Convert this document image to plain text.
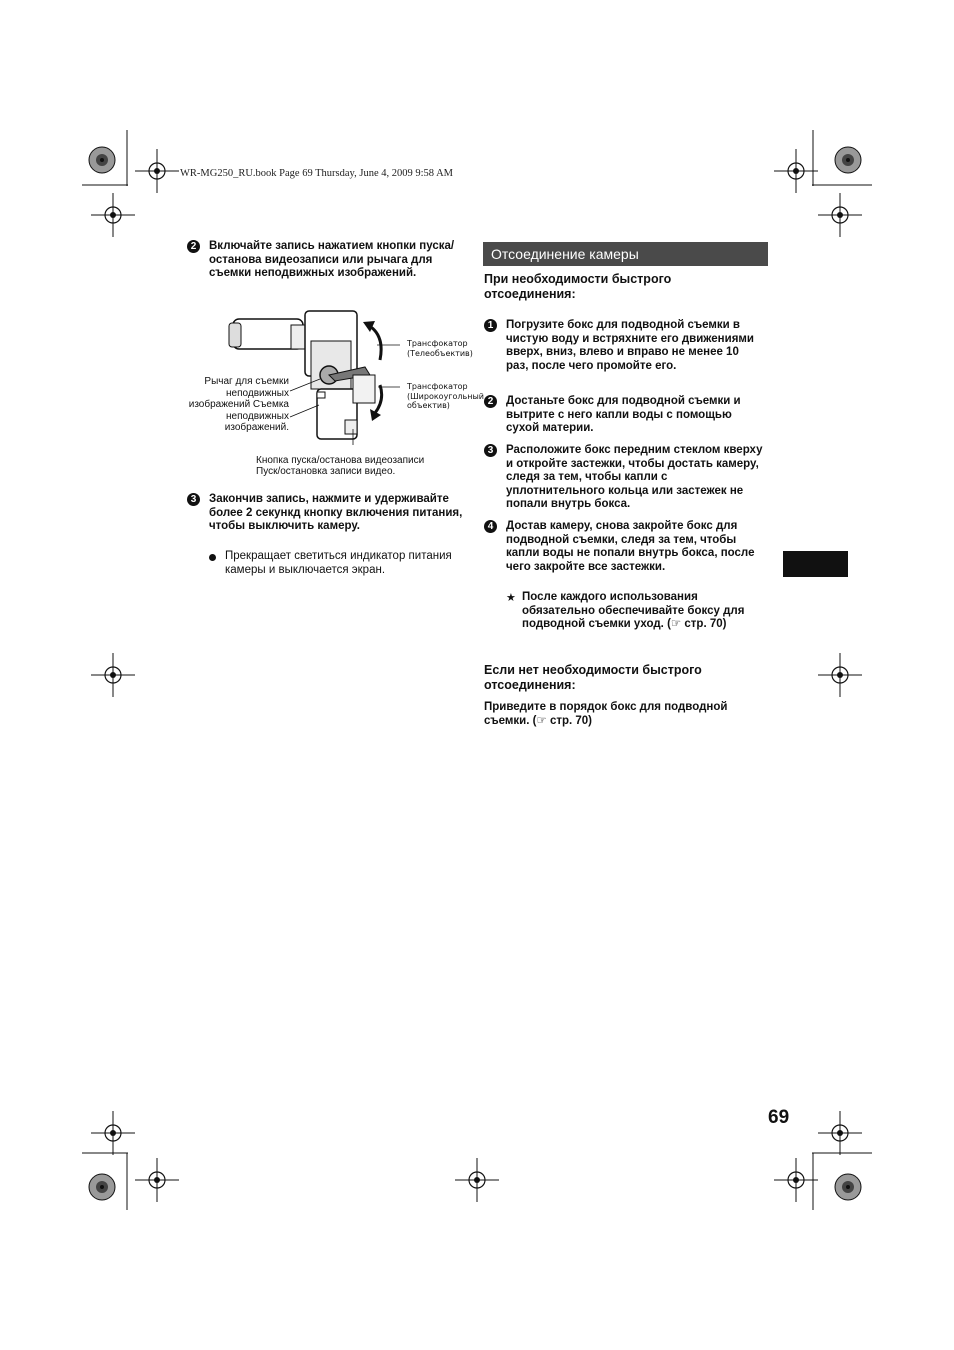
WR-MG250_RU.book Page 69 Thursday, June 4, 2009 9:58 AM
2	Включайте запись нажатием кнопки пуска/останова видеозаписи или рычага для съемки неподвижных изображений.
Трансфокатор (Телеобъектив)
Трансфокатор (Широкоугольный объектив)
Рычаг для съемки неподвижных изображений Съемка неподвижных изображений.
Кнопка пуска/останова видеозаписи
Пуск/остановка записи видео.
3	Закончив запись, нажмите и удерживайте более 2 секункд кнопку включения питания, чтобы выключить камеру.
Прекращает светиться индикатор питания камеры и выключается экран.
Отсоединение камеры
При необходимости быстрого отсоединения:
1	Погрузите бокс для подводной съемки в чистую воду и встряхните его движениями вверх, вниз, влево и вправо не менее 10 раз, после чего промойте его.
2	Достаньте бокс для подводной съемки и вытрите с него капли воды с помощью сухой материи.
3	Расположите бокс передним стеклом кверху и откройте застежки, чтобы достать камеру, следя за тем, чтобы капли с уплотнительного кольца или застежек не попали внутрь бокса.
4	Достав камеру, снова закройте бокс для подводной съемки, следя за тем, чтобы капли воды не попали внутрь бокса, после чего закройте все застежки.
★ После каждого использования обязательно обеспечивайте боксу для подводной съемки уход. (☞ стр. 70)
Если нет необходимости быстрого отсоединения:
Приведите в порядок бокс для подводной съемки. (☞ стр. 70)
69
